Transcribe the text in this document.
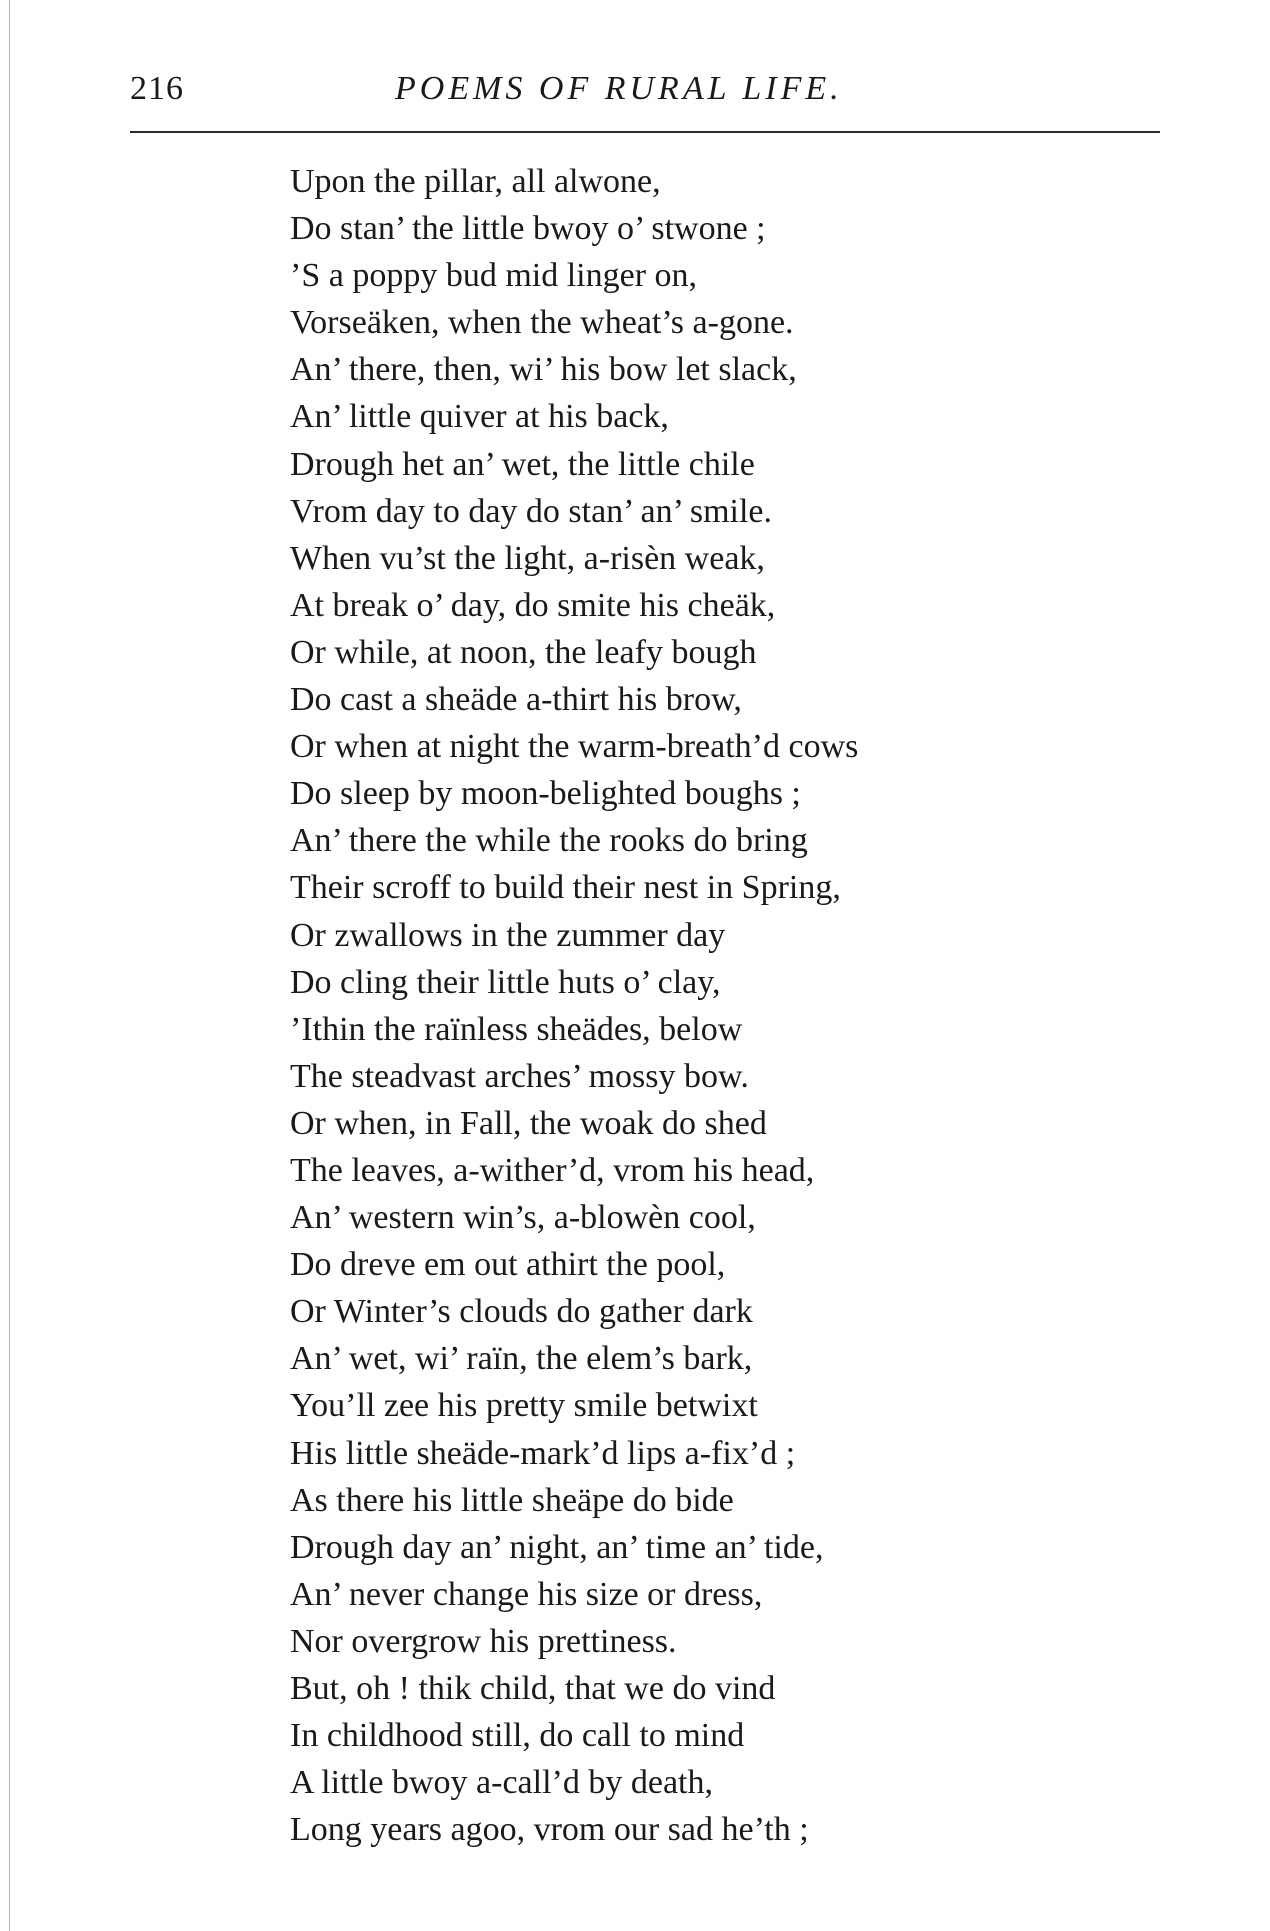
216	POEMS OF RURAL LIFE.
Upon the pillar, all alwone,
Do stan’ the little bwoy o’ stwone ;
’S a poppy bud mid linger on,
Vorseäken, when the wheat’s a-gone.
An’ there, then, wi’ his bow let slack,
An’ little quiver at his back,
Drough het an’ wet, the little chile
Vrom day to day do stan’ an’ smile.
When vu’st the light, a-risèn weak,
At break o’ day, do smite his cheäk,
Or while, at noon, the leafy bough
Do cast a sheäde a-thirt his brow,
Or when at night the warm-breath’d cows
Do sleep by moon-belighted boughs ;
An’ there the while the rooks do bring
Their scroff to build their nest in Spring,
Or zwallows in the zummer day
Do cling their little huts o’ clay,
’Ithin the raïnless sheädes, below
The steadvast arches’ mossy bow.
Or when, in Fall, the woak do shed
The leaves, a-wither’d, vrom his head,
An’ western win’s, a-blowèn cool,
Do dreve em out athirt the pool,
Or Winter’s clouds do gather dark
An’ wet, wi’ raïn, the elem’s bark,
You’ll zee his pretty smile betwixt
His little sheäde-mark’d lips a-fix’d ;
As there his little sheäpe do bide
Drough day an’ night, an’ time an’ tide,
An’ never change his size or dress,
Nor overgrow his prettiness.
But, oh ! thik child, that we do vind
In childhood still, do call to mind
A little bwoy a-call’d by death,
Long years agoo, vrom our sad he’th ;
